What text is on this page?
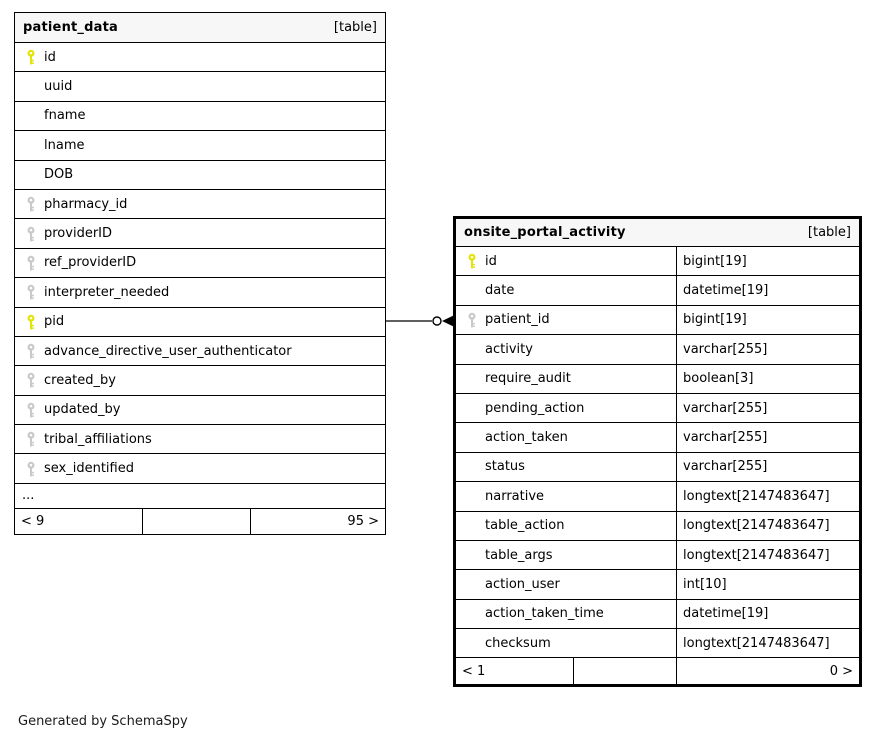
patient_data	[table]
id
uuid
fname
lname
DOB
pharmacy_id
providerID
ref_providerID
interpreter_needed
pid
advance_directive_user_authenticator
created_by
updated_by
tribal_affiliations
sex_identified
...
< 9	95 >
onsite_portal_activity	[table]
id	bigint[19]
date	datetime[19]
patient_id	bigint[19]
activity	varchar[255]
require_audit	boolean[3]
pending_action	varchar[255]
action_taken	varchar[255]
status	varchar[255]
narrative	longtext[2147483647]
table_action	longtext[2147483647]
table_args	longtext[2147483647]
action_user	int[10]
action_taken_time	datetime[19]
checksum	longtext[2147483647]
< 1	0 >
Generated by SchemaSpy
